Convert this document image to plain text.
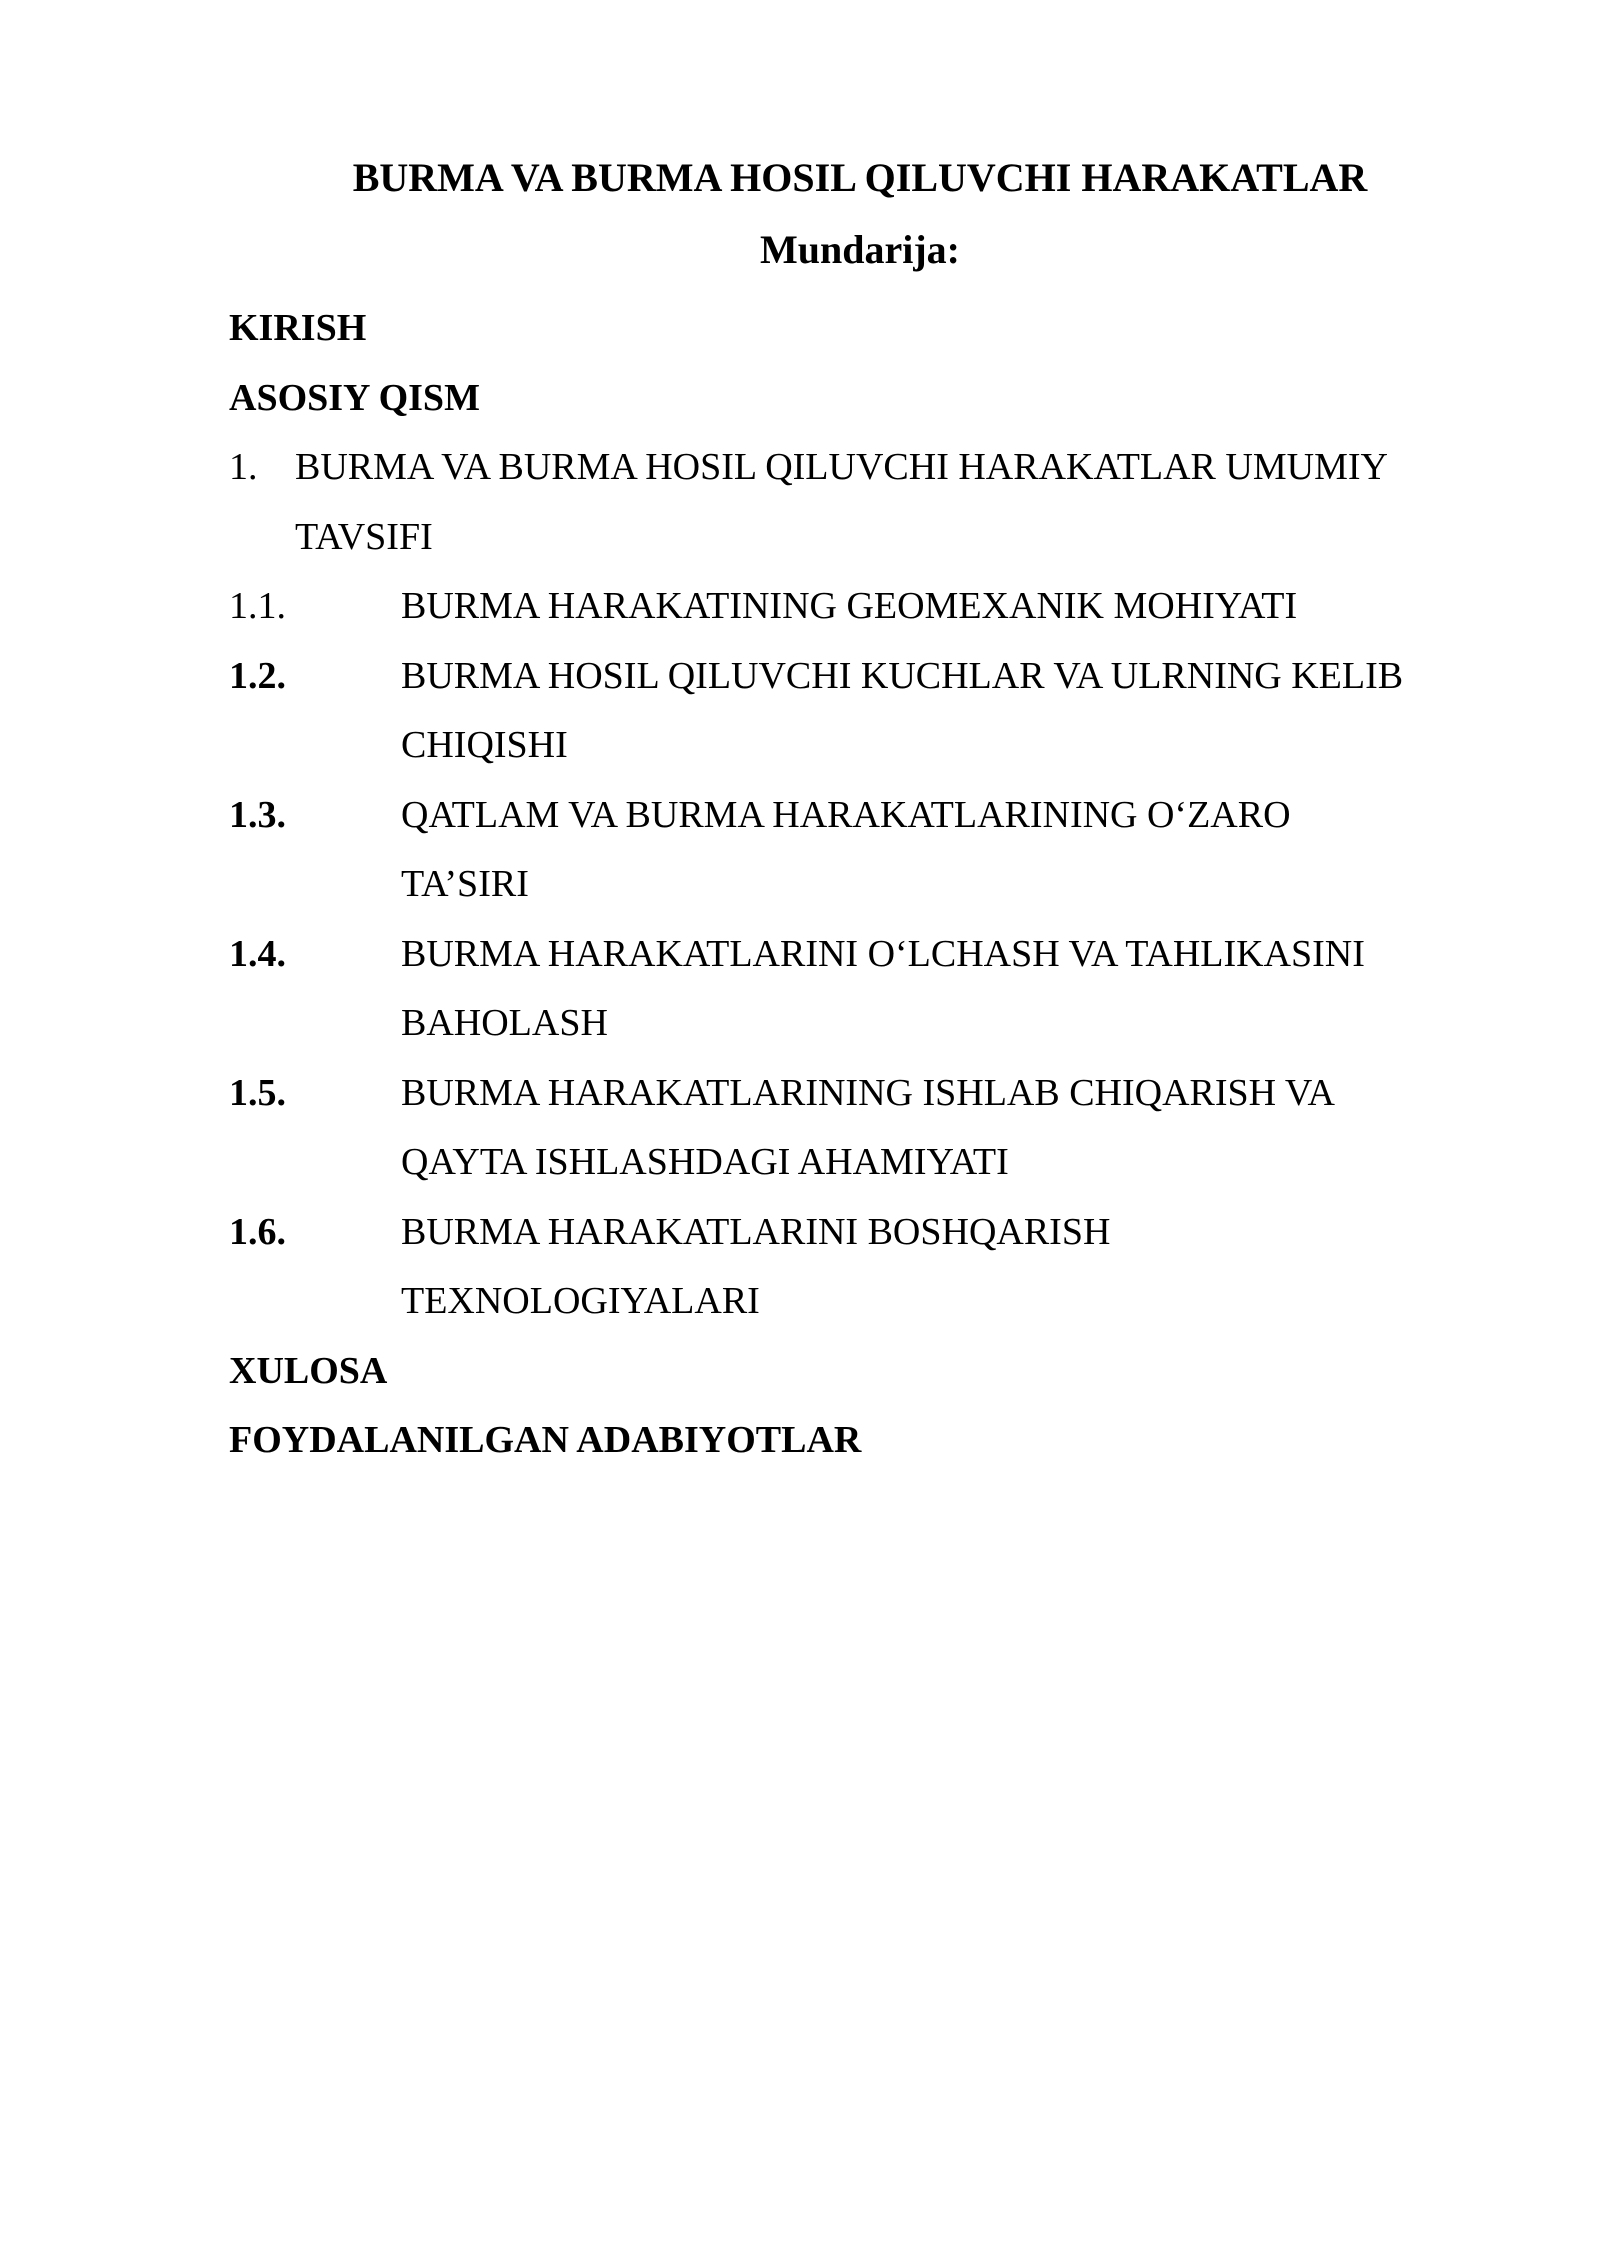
BURMA VA BURMA HOSIL QILUVCHI HARAKATLAR
Mundarija:
KIRISH
ASOSIY QISM
1. BURMA VA BURMA HOSIL QILUVCHI HARAKATLAR UMUMIY
TAVSIFI
1.1.	BURMA HARAKATINING GEOMEXANIK MOHIYATI
1.2.	BURMA HOSIL QILUVCHI KUCHLAR VA ULRNING KELIB
CHIQISHI
1.3.	QATLAM VA BURMA HARAKATLARINING O‘ZARO
TA’SIRI
1.4.	BURMA HARAKATLARINI O‘LCHASH VA TAHLIKASINI
BAHOLASH
1.5.	BURMA HARAKATLARINING ISHLAB CHIQARISH VA
QAYTA ISHLASHDAGI AHAMIYATI
1.6.	BURMA HARAKATLARINI BOSHQARISH
TEXNOLOGIYALARI
XULOSA
FOYDALANILGAN ADABIYOTLAR
